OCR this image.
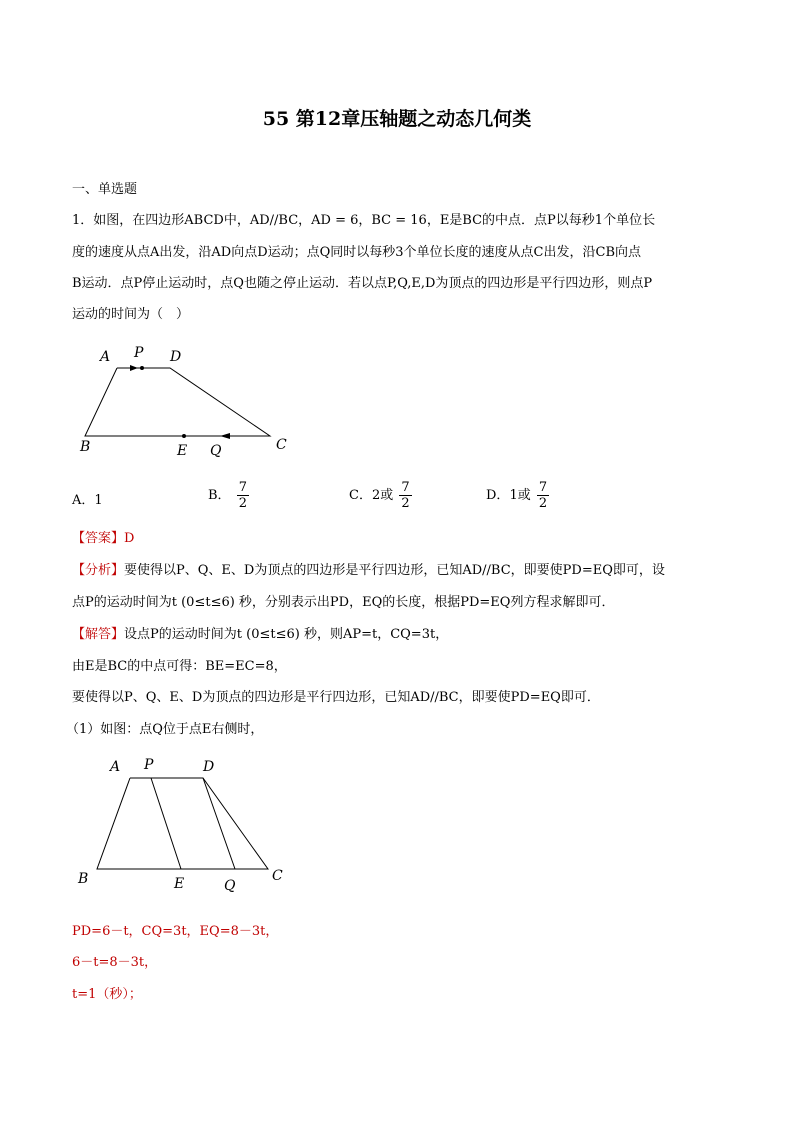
55 第12章压轴题之动态几何类
一、单选题
1．如图，在四边形ABCD中，AD//BC，AD = 6，BC = 16，E是BC的中点．点P以每秒1个单位长
度的速度从点A出发，沿AD向点D运动；点Q同时以每秒3个单位长度的速度从点C出发，沿CB向点
B运动．点P停止运动时，点Q也随之停止运动．若以点P,Q,E,D为顶点的四边形是平行四边形，则点P
运动的时间为（　）
A P D
B	E Q	C
A．1	B． $\frac{7}{2}$	C．2或 $\frac{7}{2}$	D．1或 $\frac{7}{2}$
【答案】D
【分析】要使得以P、Q、E、D为顶点的四边形是平行四边形，已知AD//BC，即要使PD=EQ即可，设
点P的运动时间为t (0≤t≤6) 秒，分别表示出PD，EQ的长度，根据PD=EQ列方程求解即可．
【解答】设点P的运动时间为t (0≤t≤6) 秒，则AP=t，CQ=3t，
由E是BC的中点可得：BE=EC=8，
要使得以P、Q、E、D为顶点的四边形是平行四边形，已知AD//BC，即要使PD=EQ即可．
（1）如图：点Q位于点E右侧时，
A P	D
B	E	Q
C
PD=6－t，CQ=3t，EQ=8－3t，
6－t=8－3t，
t=1（秒）；
